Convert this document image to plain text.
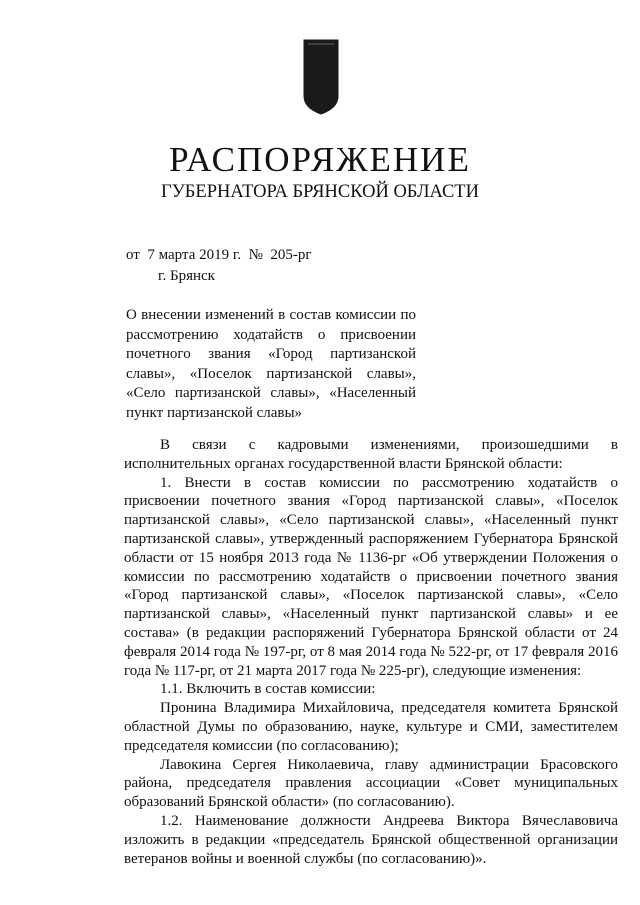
РАСПОРЯЖЕНИЕ
ГУБЕРНАТОРА БРЯНСКОЙ ОБЛАСТИ
от  7 марта 2019 г.  №  205-рг
г. Брянск

О внесении изменений в состав комиссии по рассмотрению ходатайств о присвоении почетного звания «Город партизанской славы», «Поселок партизанской славы», «Село партизанской славы», «Населенный пункт партизанской славы»

В связи с кадровыми изменениями, произошедшими в исполнительных органах государственной власти Брянской области:

1. Внести в состав комиссии по рассмотрению ходатайств о присвоении почетного звания «Город партизанской славы», «Поселок партизанской славы», «Село партизанской славы», «Населенный пункт партизанской славы», утвержденный распоряжением Губернатора Брянской области от 15 ноября 2013 года № 1136-рг «Об утверждении Положения о комиссии по рассмотрению ходатайств о присвоении почетного звания «Город партизанской славы», «Поселок партизанской славы», «Село партизанской славы», «Населенный пункт партизанской славы» и ее состава» (в редакции распоряжений Губернатора Брянской области от 24 февраля 2014 года № 197-рг, от 8 мая 2014 года № 522-рг, от 17 февраля 2016 года № 117-рг, от 21 марта 2017 года № 225-рг), следующие изменения:

1.1. Включить в состав комиссии:

Пронина Владимира Михайловича, председателя комитета Брянской областной Думы по образованию, науке, культуре и СМИ, заместителем председателя комиссии (по согласованию);

Лавокина Сергея Николаевича, главу администрации Брасовского района, председателя правления ассоциации «Совет муниципальных образований Брянской области» (по согласованию).

1.2. Наименование должности Андреева Виктора Вячеславовича изложить в редакции «председатель Брянской общественной организации ветеранов войны и военной службы (по согласованию)».
